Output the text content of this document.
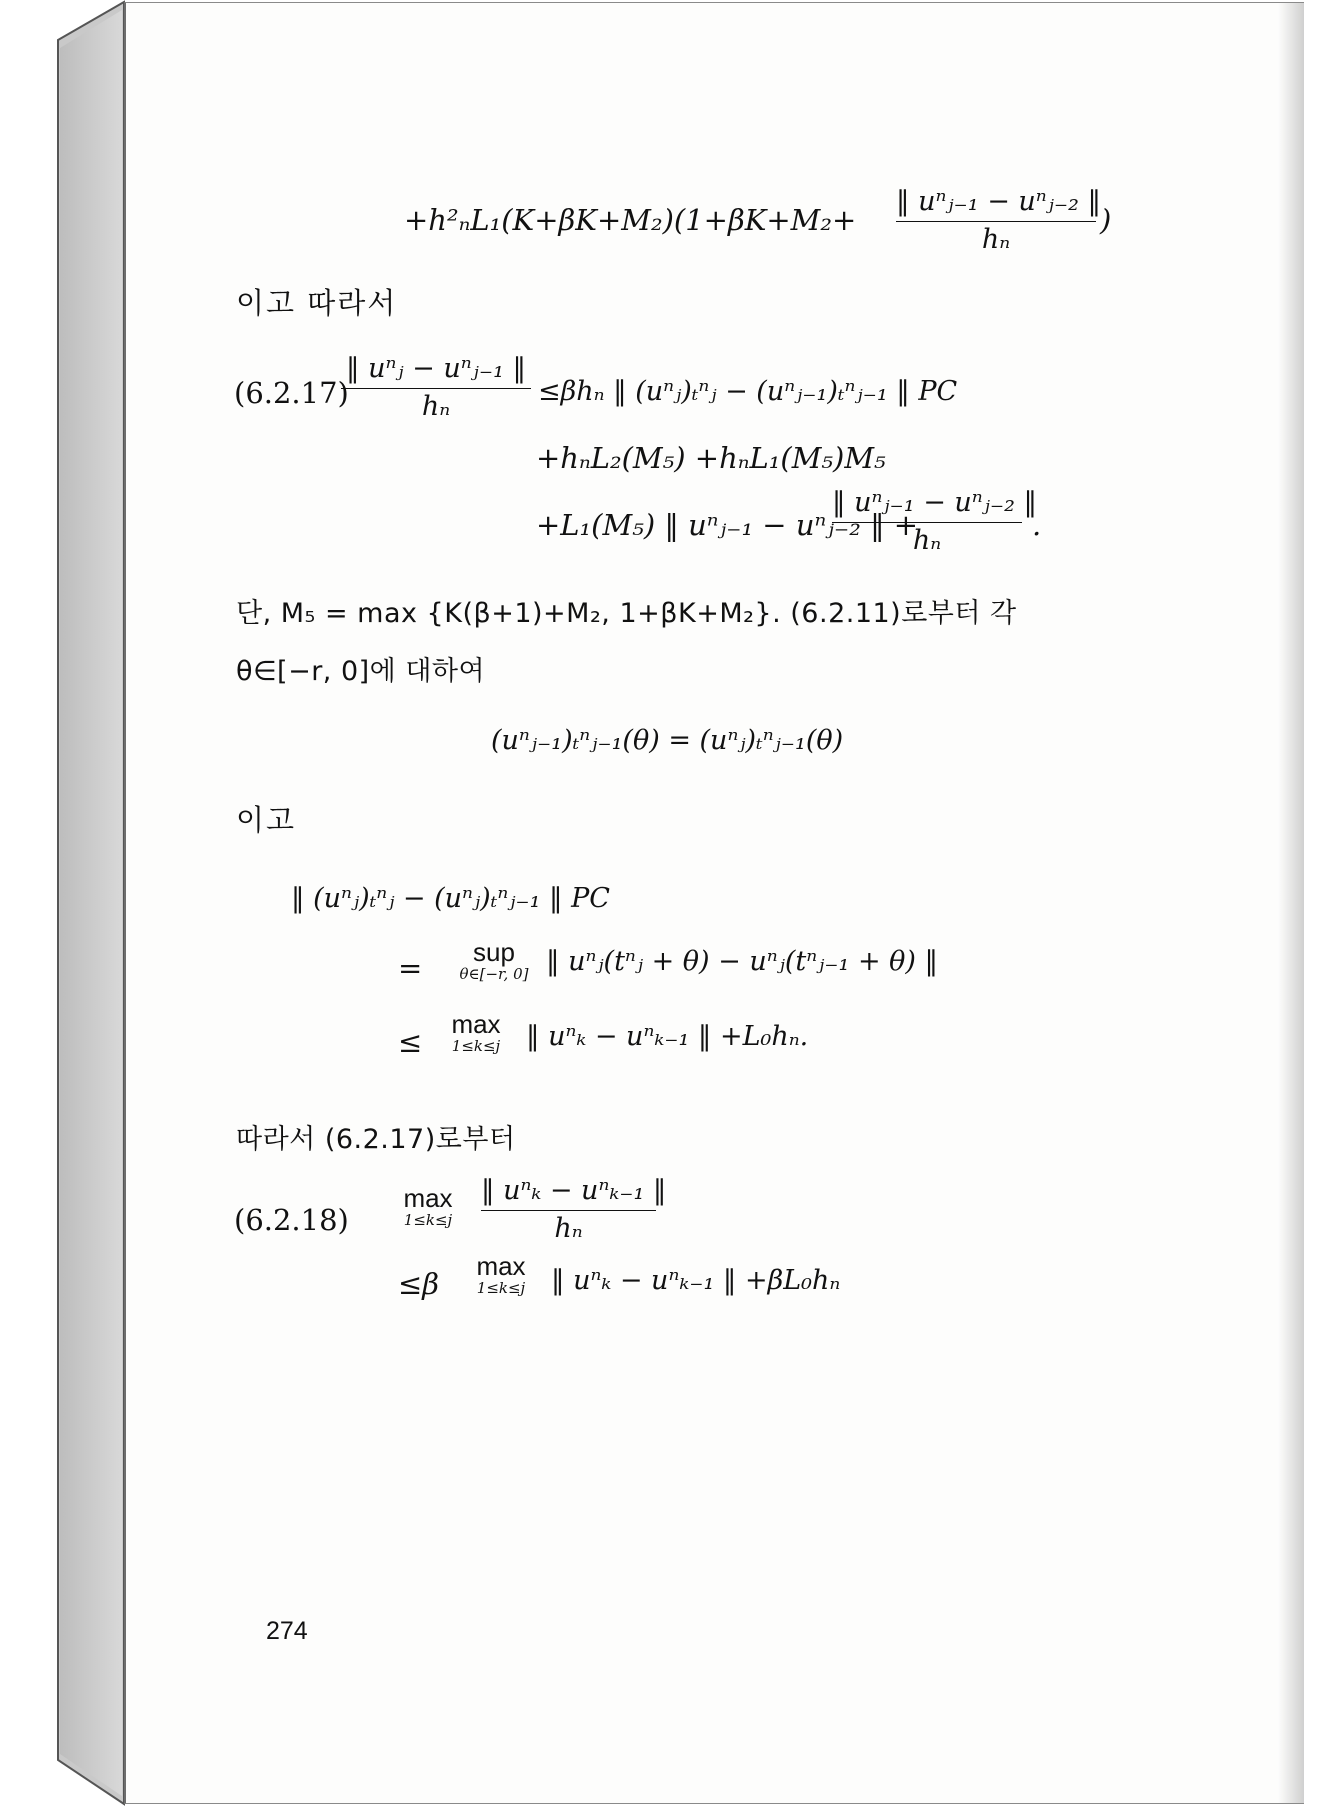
+h²ₙL₁(K+βK+M₂)(1+βK+M₂+
‖ uⁿⱼ₋₁ − uⁿⱼ₋₂ ‖
hₙ
)
이고 따라서
(6.2.17)
‖ uⁿⱼ − uⁿⱼ₋₁ ‖
hₙ	≤βhₙ ‖ (uⁿⱼ)ₜⁿⱼ − (uⁿⱼ₋₁)ₜⁿⱼ₋₁ ‖ PC
+hₙL₂(M₅) +hₙL₁(M₅)M₅
+L₁(M₅) ‖ uⁿⱼ₋₁ − uⁿⱼ₋₂ ‖ +
‖ uⁿⱼ₋₁ − uⁿⱼ₋₂ ‖
hₙ	.
단, M₅ = max {K(β+1)+M₂, 1+βK+M₂}. (6.2.11)로부터 각
θ∈[−r, 0]에 대하여
(uⁿⱼ₋₁)ₜⁿⱼ₋₁(θ) = (uⁿⱼ)ₜⁿⱼ₋₁(θ)
이고
‖ (uⁿⱼ)ₜⁿⱼ − (uⁿⱼ)ₜⁿⱼ₋₁ ‖ PC
=	sup
θ∈[−r, 0] ‖ uⁿⱼ(tⁿⱼ + θ) − uⁿⱼ(tⁿⱼ₋₁ + θ) ‖
≤
max
1≤k≤j ‖ uⁿₖ − uⁿₖ₋₁ ‖ +L₀hₙ.
따라서 (6.2.17)로부터
(6.2.18)
max
1≤k≤j
‖ uⁿₖ − uⁿₖ₋₁ ‖
hₙ
≤β
max
1≤k≤j ‖ uⁿₖ − uⁿₖ₋₁ ‖ +βL₀hₙ
274
